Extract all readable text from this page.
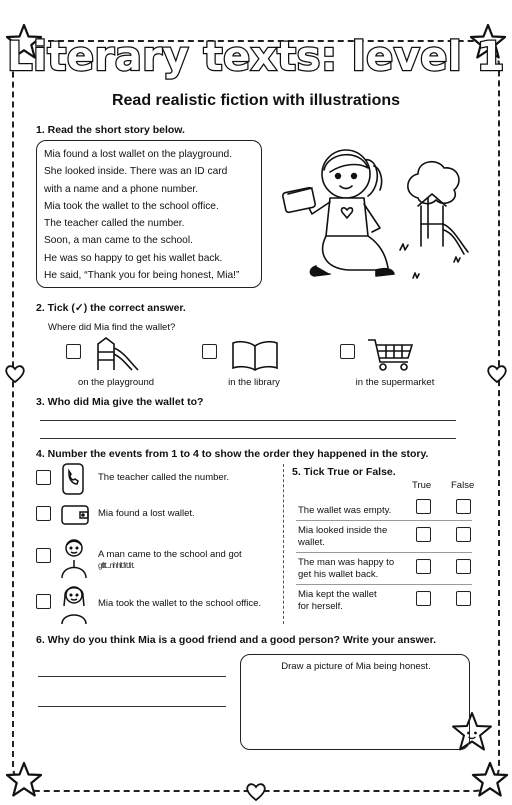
Literary texts: level 1
Read realistic fiction with illustrations
1. Read the short story below.
Mia found a lost wallet on the playground.
She looked inside. There was an ID card
with a name and a phone number.
Mia took the wallet to the school office.
The teacher called the number.
Soon, a man came to the school.
He was so happy to get his wallet back.
He said, “Thank you for being honest, Mia!”
2. Tick (✓) the correct answer.
Where did Mia find the wallet?
on the playground	in the library	in the supermarket
3. Who did Mia give the wallet to?
4. Number the events from 1 to 4 to show the order they happened in the story.
The teacher called the number.
Mia found a lost wallet.
A man came to the school and got
gtltt...nhhlt.frt.frt.
Mia took the wallet to the school office.
5. Tick True or False.
True False
The wallet was empty.
Mia looked inside the
wallet.
The man was happy to
get his wallet back.
Mia kept the wallet
for herself.
6. Why do you think Mia is a good friend and a good person? Write your answer.
Draw a picture of Mia being honest.
